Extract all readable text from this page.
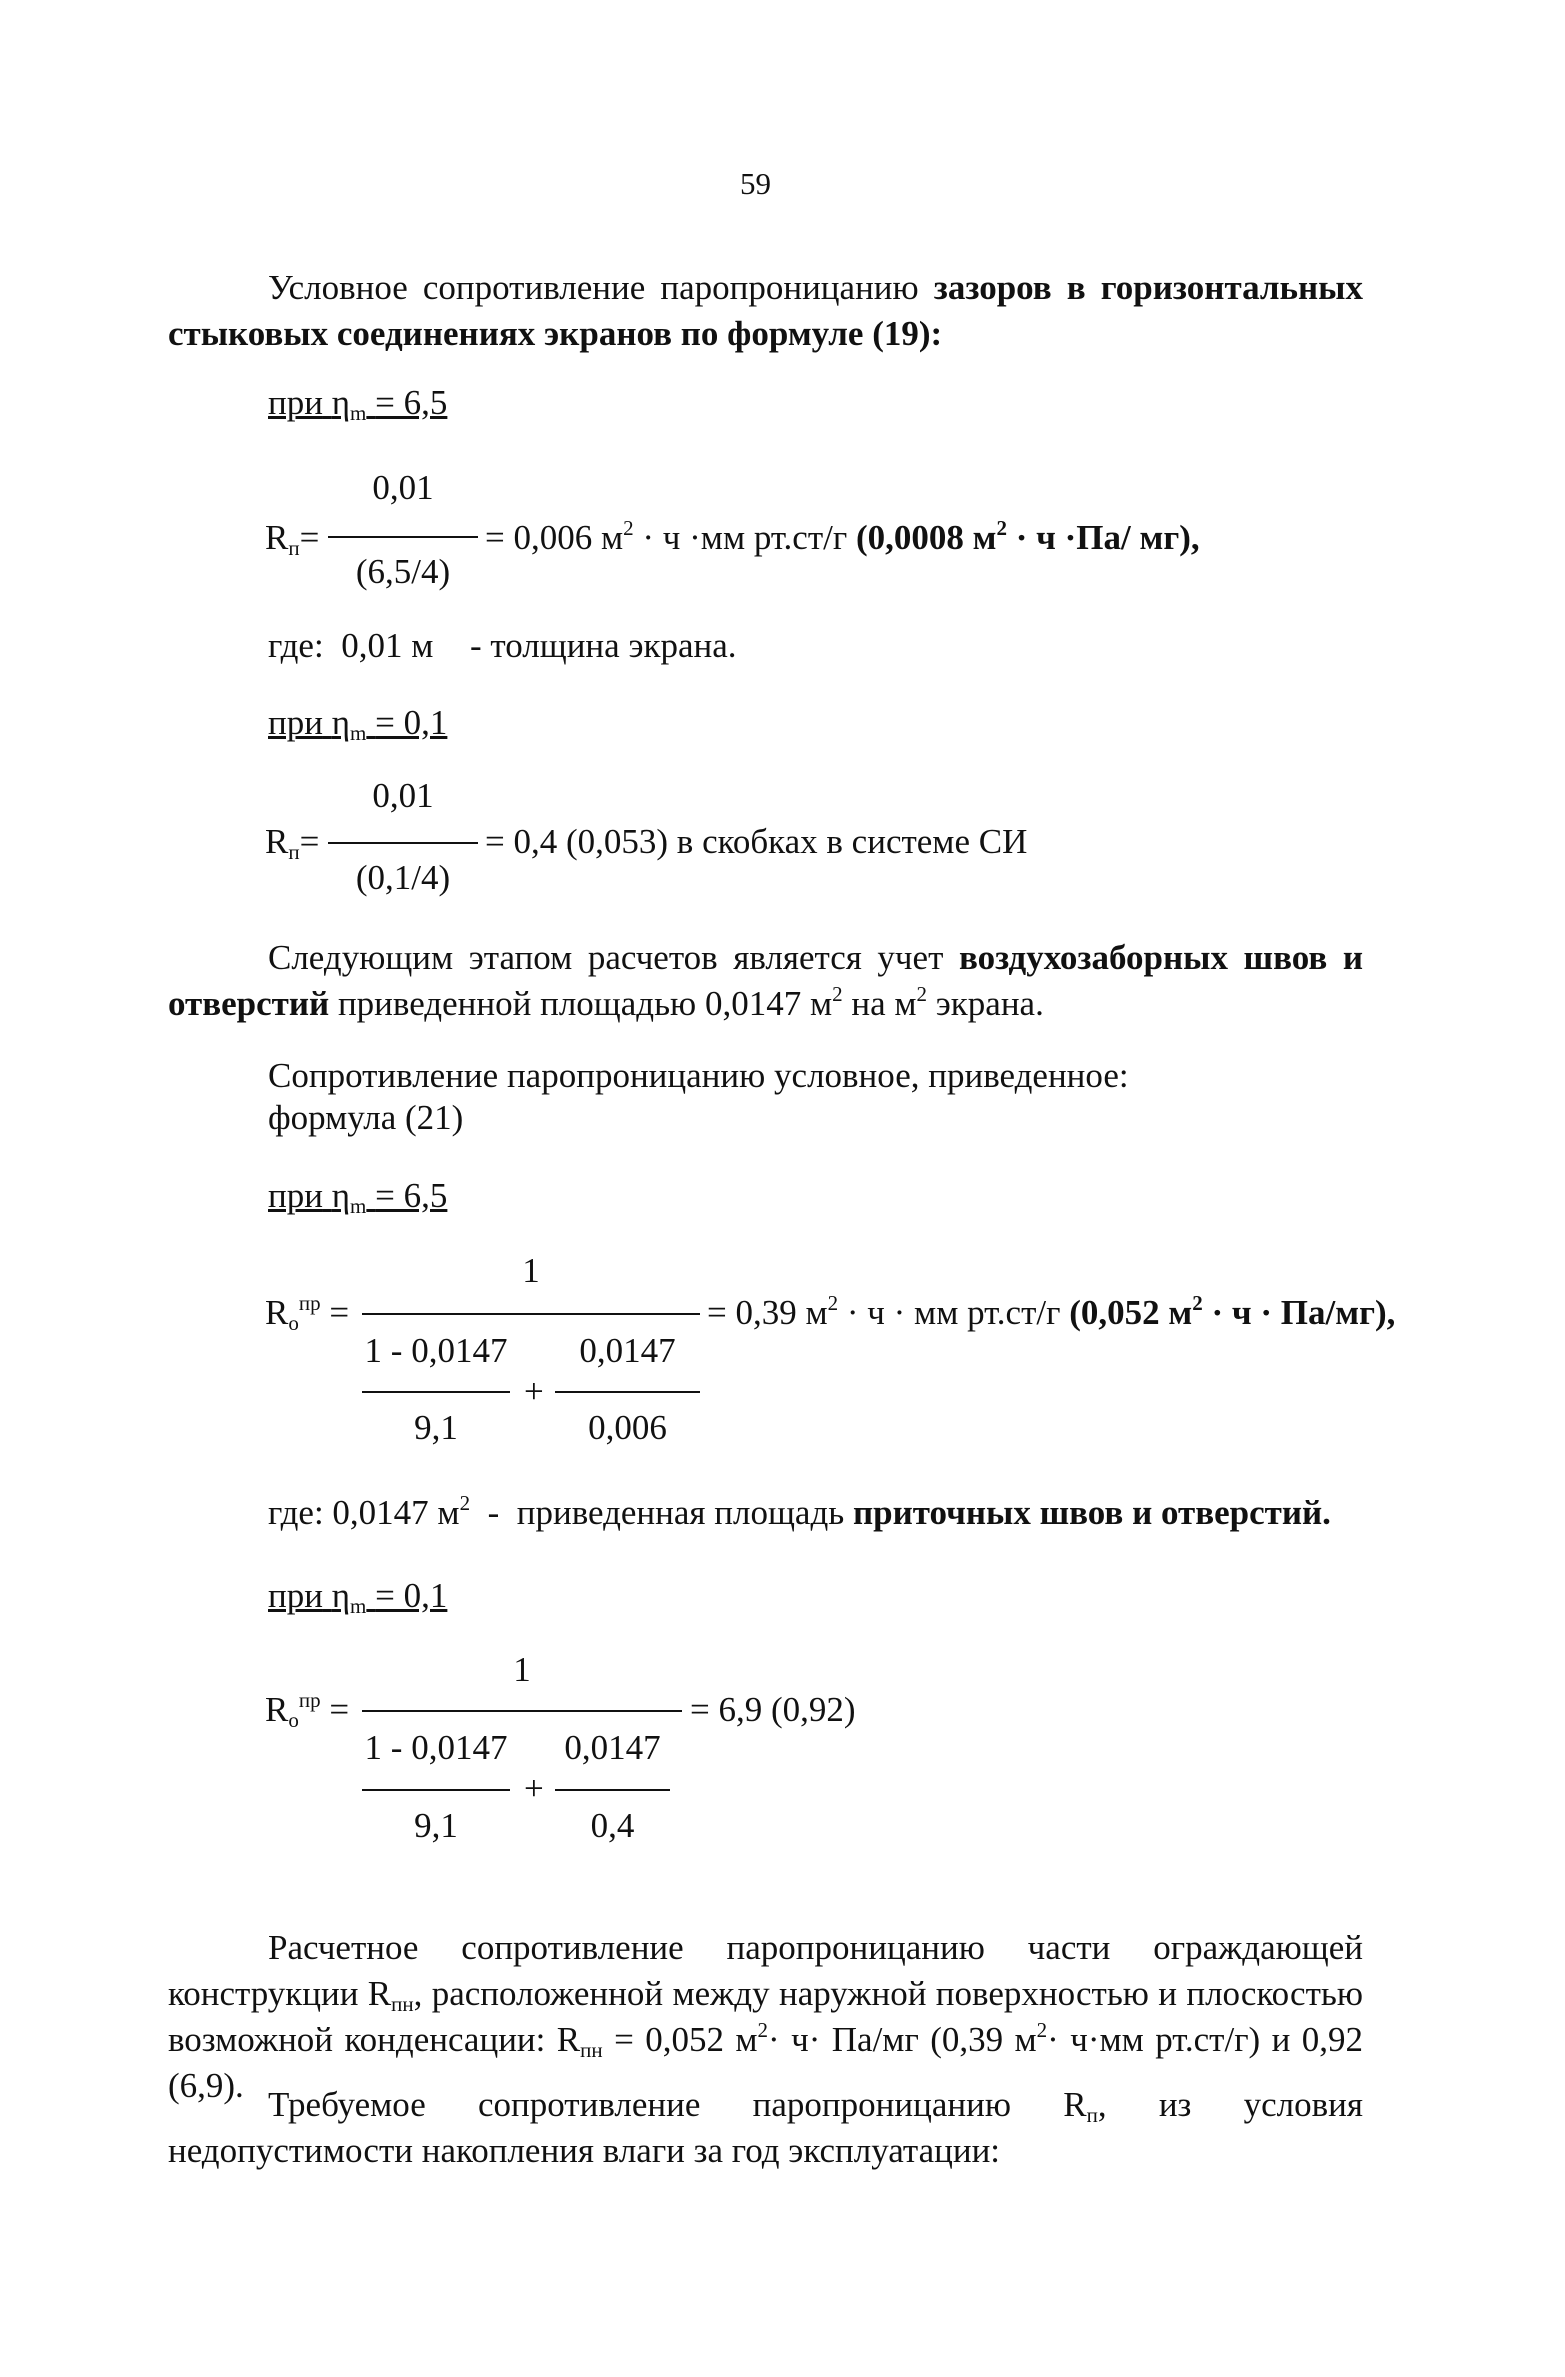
59
Условное сопротивление паропроницанию зазоров в горизонтальных стыковых соединениях экранов по формуле (19):
при $\eta_m = 6,5$
$R_п=$
0,01
(6,5/4)
= 0,006 $м^2 \cdot ч \cdot мм$ рт.ст/г (0,0008 $м^2 \cdot ч \cdot Па/$ мг),
где: 0,01 м - толщина экрана.
при $\eta_m = 0,1$
$R_п=$
0,01
(0,1/4)
= 0,4 (0,053) в скобках в системе СИ
Следующим этапом расчетов является учет воздухозаборных швов и отверстий приведенной площадью 0,0147 $м^2$ на $м^2$ экрана.
Сопротивление паропроницанию условное, приведенное:
формула (21)
при $\eta_m = 6,5$
$R_o^{пр}$ =
1
1 - 0,0147
9,1
+
0,0147
0,006
= 0,39 $м^2 \cdot ч$ · мм рт.ст/г (0,052 $м^2 \cdot ч \cdot Па/мг$),
где: 0,0147 $м^2$ - приведенная площадь приточных швов и отверстий.
при $\eta_m = 0,1$
$R_o^{пр}$ =
1
1 - 0,0147
9,1
+
0,0147
0,4
= 6,9 (0,92)
Расчетное сопротивление паропроницанию части ограждающей конструкции $R_{пн}$, расположенной между наружной поверхностью и плоскостью возможной конденсации: $R_{пн} = 0,052$ $м^2\cdot ч\cdot Па/мг$ (0,39 $м^2\cdot ч\cdot мм$ рт.ст/г) и 0,92 (6,9). Требуемое сопротивление паропроницанию $R_п$, из условия недопустимости накопления влаги за год эксплуатации:
